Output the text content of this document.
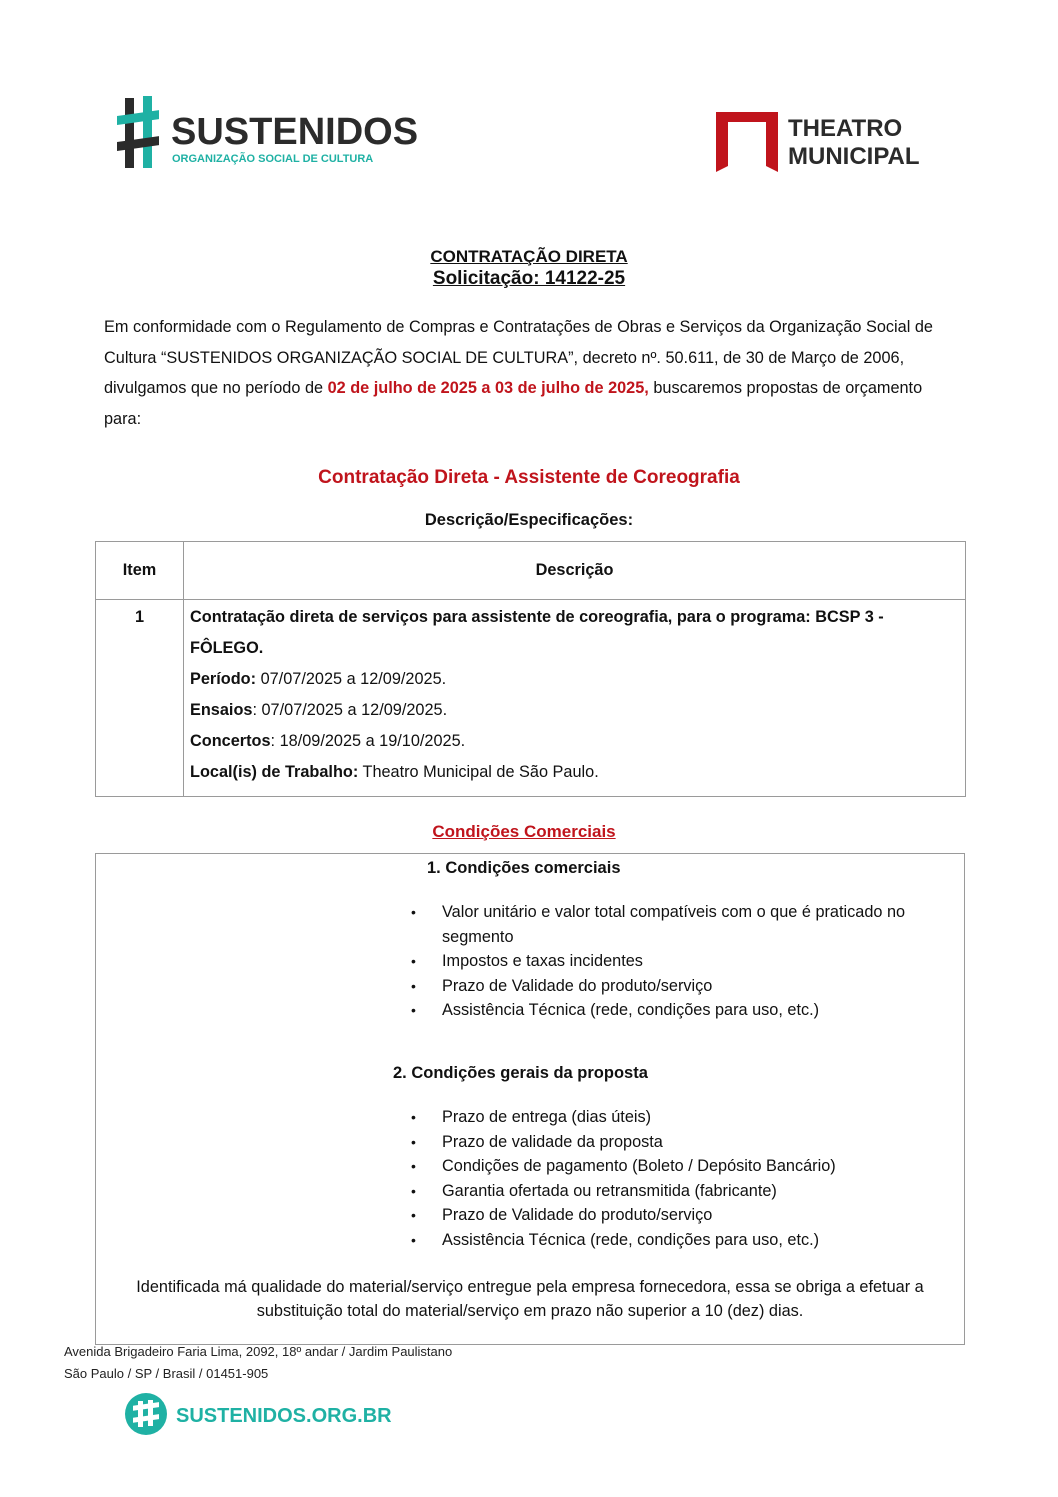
SUSTENIDOS
ORGANIZAÇÃO SOCIAL DE CULTURA
THEATRO
MUNICIPAL
CONTRATAÇÃO DIRETA
Solicitação: 14122-25
Em conformidade com o Regulamento de Compras e Contratações de Obras e Serviços da Organização Social de Cultura “SUSTENIDOS ORGANIZAÇÃO SOCIAL DE CULTURA”, decreto nº. 50.611, de 30 de Março de 2006, divulgamos que no período de 02 de julho de 2025 a 03 de julho de 2025, buscaremos propostas de orçamento para:
Contratação Direta - Assistente de Coreografia
Descrição/Especificações:
Item	Descrição
1	Contratação direta de serviços para assistente de coreografia, para o programa: BCSP 3 - FÔLEGO.
Período: 07/07/2025 a 12/09/2025.
Ensaios: 07/07/2025 a 12/09/2025.
Concertos: 18/09/2025 a 19/10/2025.
Local(is) de Trabalho: Theatro Municipal de São Paulo.
Condições Comerciais
1. Condições comerciais
• Valor unitário e valor total compatíveis com o que é praticado no segmento
• Impostos e taxas incidentes
• Prazo de Validade do produto/serviço
• Assistência Técnica (rede, condições para uso, etc.)
2. Condições gerais da proposta
• Prazo de entrega (dias úteis)
• Prazo de validade da proposta
• Condições de pagamento (Boleto / Depósito Bancário)
• Garantia ofertada ou retransmitida (fabricante)
• Prazo de Validade do produto/serviço
• Assistência Técnica (rede, condições para uso, etc.)
Identificada má qualidade do material/serviço entregue pela empresa fornecedora, essa se obriga a efetuar a substituição total do material/serviço em prazo não superior a 10 (dez) dias.
Avenida Brigadeiro Faria Lima, 2092, 18º andar / Jardim Paulistano
São Paulo / SP / Brasil / 01451-905
SUSTENIDOS.ORG.BR
